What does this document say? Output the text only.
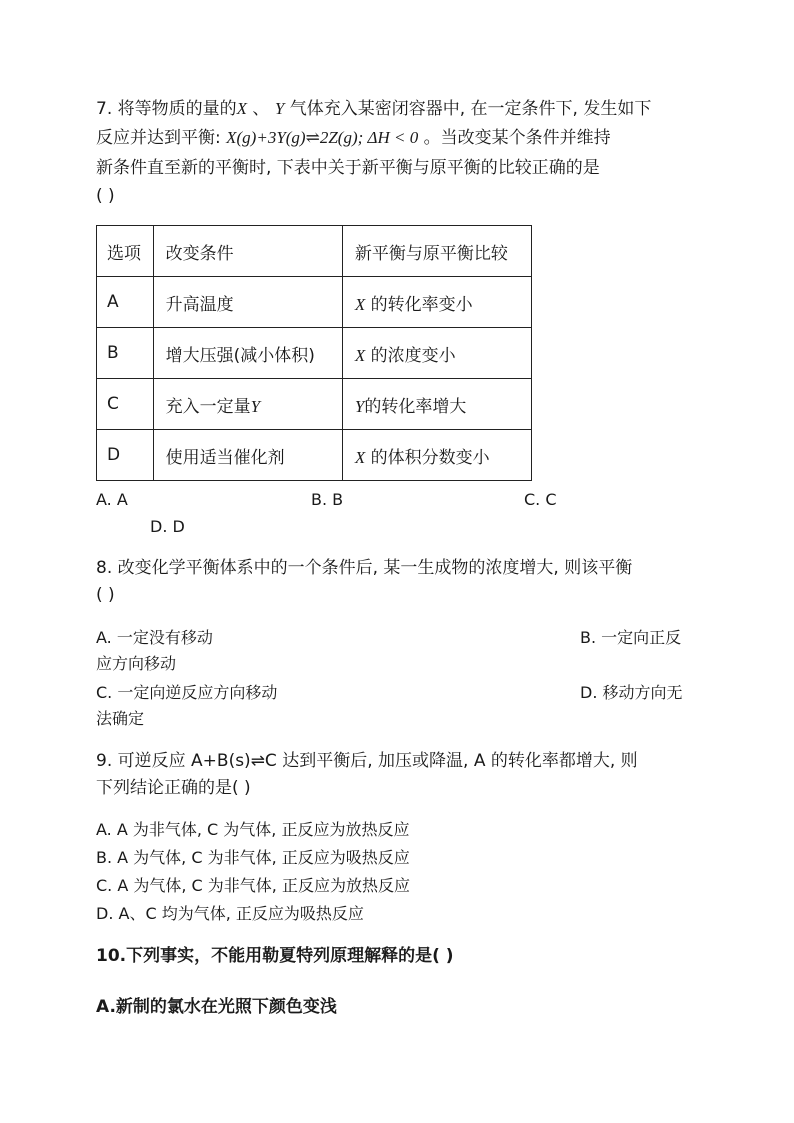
7. 将等物质的量的X 、 Y 气体充入某密闭容器中, 在一定条件下, 发生如下
反应并达到平衡: X(g)+3Y(g)⇌2Z(g); ΔH < 0 。当改变某个条件并维持
新条件直至新的平衡时, 下表中关于新平衡与原平衡的比较正确的是
( )
选项	改变条件	新平衡与原平衡比较
A	升高温度	X 的转化率变小
B	增大压强(减小体积)	X 的浓度变小
C	充入一定量Y	Y的转化率增大
D	使用适当催化剂	X 的体积分数变小
A. A	B. B	C. C
D. D
8. 改变化学平衡体系中的一个条件后, 某一生成物的浓度增大, 则该平衡
( )
A. 一定没有移动	B. 一定向正反
应方向移动
C. 一定向逆反应方向移动	D. 移动方向无
法确定
9. 可逆反应 A+B(s)⇌C 达到平衡后, 加压或降温, A 的转化率都增大, 则
下列结论正确的是( )
A. A 为非气体, C 为气体, 正反应为放热反应
B. A 为气体, C 为非气体, 正反应为吸热反应
C. A 为气体, C 为非气体, 正反应为放热反应
D. A、C 均为气体, 正反应为吸热反应
10.下列事实，不能用勒夏特列原理解释的是( )
A.新制的氯水在光照下颜色变浅
